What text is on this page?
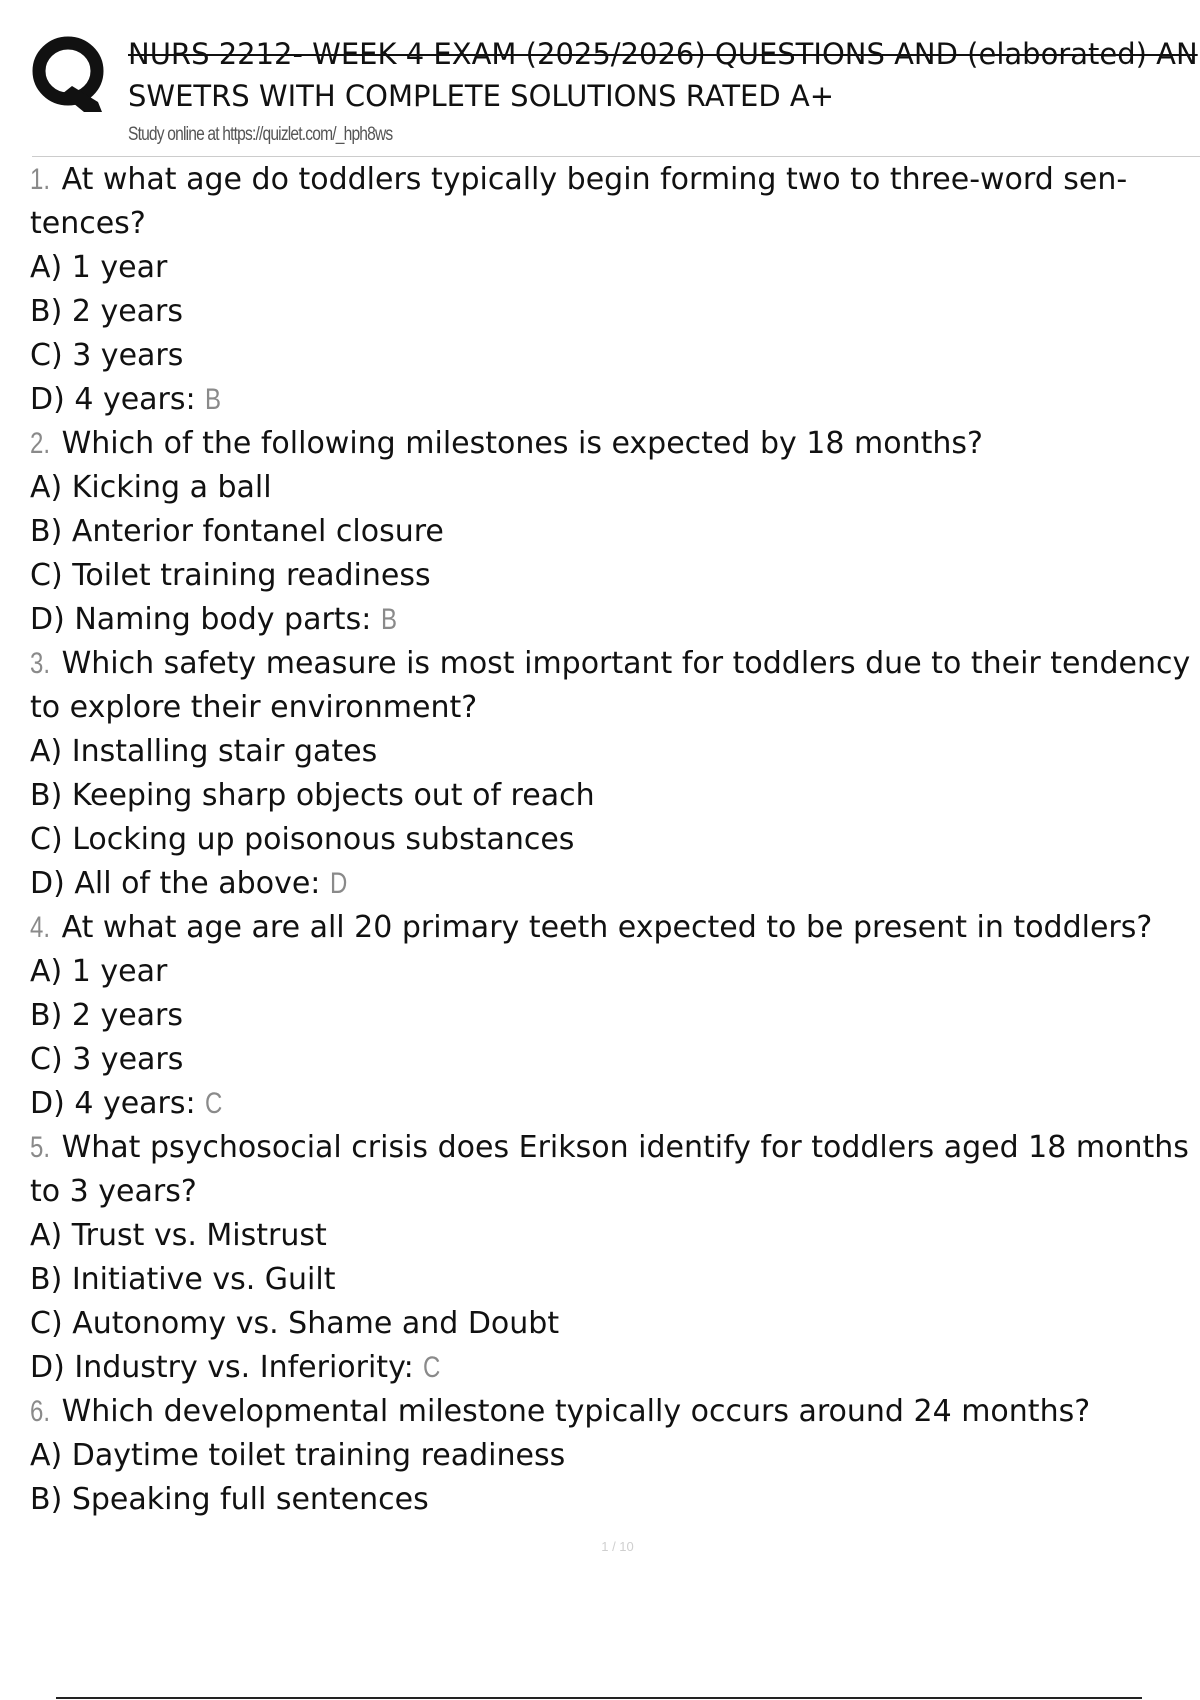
NURS 2212- WEEK 4 EXAM (2025/2026) QUESTIONS AND (elaborated) AN
SWETRS WITH COMPLETE SOLUTIONS RATED A+
Study online at https://quizlet.com/_hph8ws
1. At what age do toddlers typically begin forming two to three-word sen-
tences?
A) 1 year
B) 2 years
C) 3 years
D) 4 years: B
2. Which of the following milestones is expected by 18 months?
A) Kicking a ball
B) Anterior fontanel closure
C) Toilet training readiness
D) Naming body parts: B
3. Which safety measure is most important for toddlers due to their tendency
to explore their environment?
A) Installing stair gates
B) Keeping sharp objects out of reach
C) Locking up poisonous substances
D) All of the above: D
4. At what age are all 20 primary teeth expected to be present in toddlers?
A) 1 year
B) 2 years
C) 3 years
D) 4 years: C
5. What psychosocial crisis does Erikson identify for toddlers aged 18 months
to 3 years?
A) Trust vs. Mistrust
B) Initiative vs. Guilt
C) Autonomy vs. Shame and Doubt
D) Industry vs. Inferiority: C
6. Which developmental milestone typically occurs around 24 months?
A) Daytime toilet training readiness
B) Speaking full sentences
1 / 10
